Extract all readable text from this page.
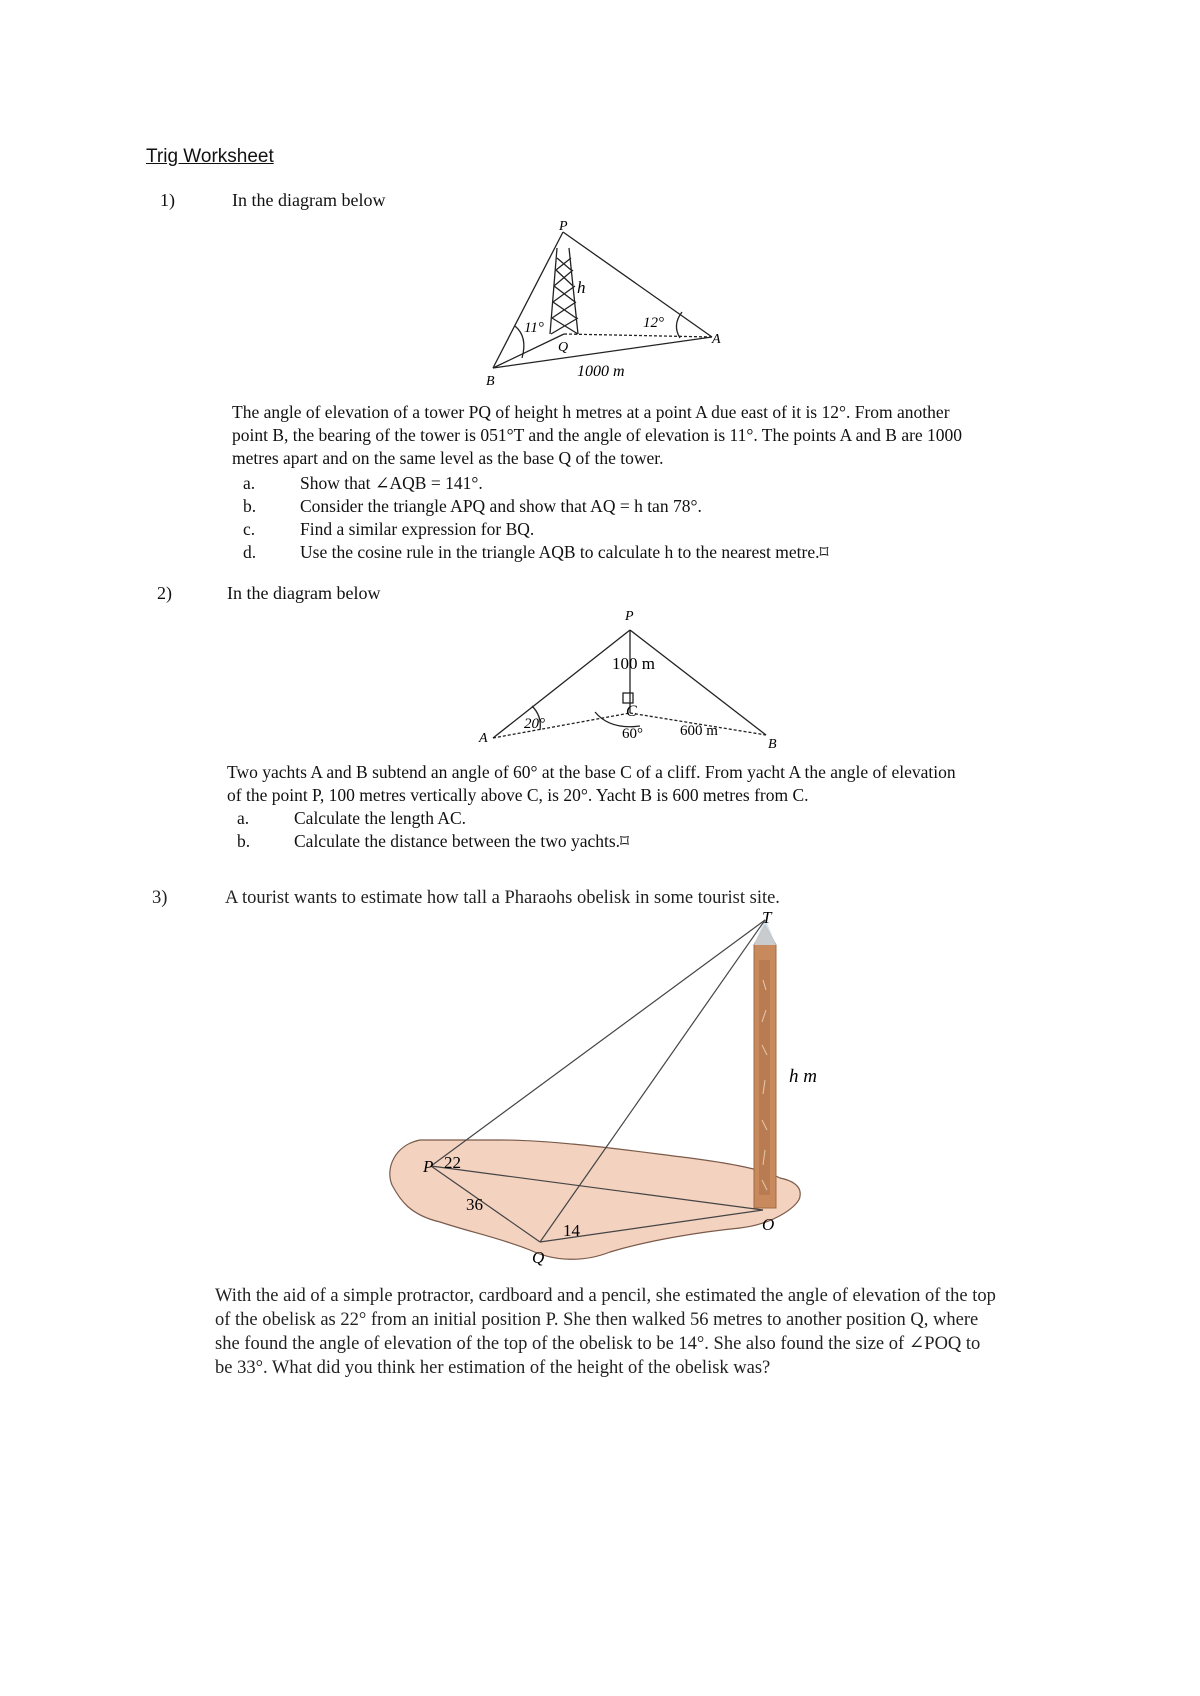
Trig Worksheet
1)	In the diagram below
P
h
11°	12°
Q
A
B
1000 m
The angle of elevation of a tower PQ of height h metres at a point A due east of it is 12°. From another
point B, the bearing of the tower is 051°T and the angle of elevation is 11°. The points A and B are 1000
metres apart and on the same level as the base Q of the tower.
a.	Show that ∠AQB = 141°.
b.	Consider the triangle APQ and show that AQ = h tan 78°.
c.	Find a similar expression for BQ.
d.	Use the cosine rule in the triangle AQB to calculate h to the nearest metre.⌑
2)	In the diagram below
P
100 m
C
20°
60° 600 m
A	B
Two yachts A and B subtend an angle of 60° at the base C of a cliff. From yacht A the angle of elevation
of the point P, 100 metres vertically above C, is 20°. Yacht B is 600 metres from C.
a.	Calculate the length AC.
b.	Calculate the distance between the two yachts.⌑
3)	A tourist wants to estimate how tall a Pharaohs obelisk in some tourist site.
T
h m
P 22
36
14
Q
O
With the aid of a simple protractor, cardboard and a pencil, she estimated the angle of elevation of the top
of the obelisk as 22° from an initial position P. She then walked 56 metres to another position Q, where
she found the angle of elevation of the top of the obelisk to be 14°. She also found the size of ∠POQ to
be 33°. What did you think her estimation of the height of the obelisk was?
